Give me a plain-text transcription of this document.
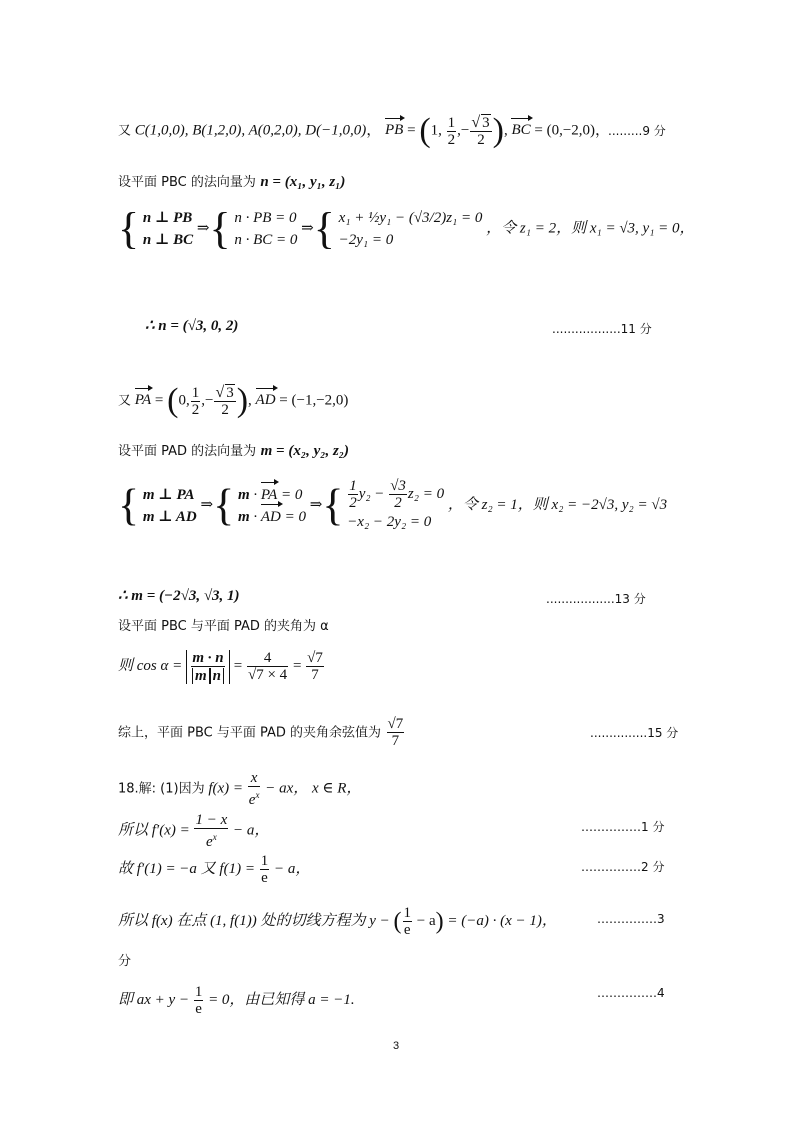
又 C(1,0,0), B(1,2,0), A(0,2,0), D(−1,0,0)， PB = (1, $\frac{1}{2}$ ,− $\frac{√ 3}{2}$ ), BC = (0,−2,0)，
.........9 分
设平面 PBC 的法向量为 n = (x₁, y₁, z₁)
{ n ⊥ PB
n ⊥ BC
⇒{ n · PB = 0
n · BC = 0
⇒{ x₁ + ½y₁ − (√3/2)z₁ = 0
−2y₁ = 0
，令 z₁ = 2，则 x₁ = √3, y₁ = 0，
∴ n = (√3, 0, 2)	..................11 分
又 PA = (0, $\frac{1}{2}$ ,− $\frac{√ 3}{2}$ ), AD = (−1,−2,0)
设平面 PAD 的法向量为 m = (x₂, y₂, z₂)
{ m ⊥ PA
m ⊥ AD
⇒{ m · PA = 0
m · AD = 0
⇒{ $\frac{1}{2} y_2 - \frac{√3}{2} z_2 = 0$
−x₂ − 2y₂ = 0
，令 z₂ = 1，则 x₂ = −2√3, y₂ = √3
∴ m = (−2√3, √3, 1)	..................13 分
设平面 PBC 与平面 PAD 的夹角为 α
则 $\cos \alpha = \frac{m \cdot n}{\text{m n}} = \frac{4}{√7 \times 4} = \frac{√7}{7}$
综上，平面 PBC 与平面 PAD 的夹角余弦值为 $\frac{√7}{7}$	...............15 分
18.解: (1)因为 $f(x) = \frac{x}{e^x}$ − ax， x ∈ R，
所以 $f'(x) = \frac{1 - x}{e^x} - a$，	……………1 分
故 f′(1) = −a 又 $f(1) = \frac{1}{e} - a$，	……………2 分
所以 f(x) 在点 (1, f(1)) 处的切线方程为 y − ( $\frac{1}{e} - a) = (-a) \cdot (x - 1)$，	……………3
分
即 ax + $y - \frac{1}{e} = 0$，由已知得 a = −1.	……………4
3
